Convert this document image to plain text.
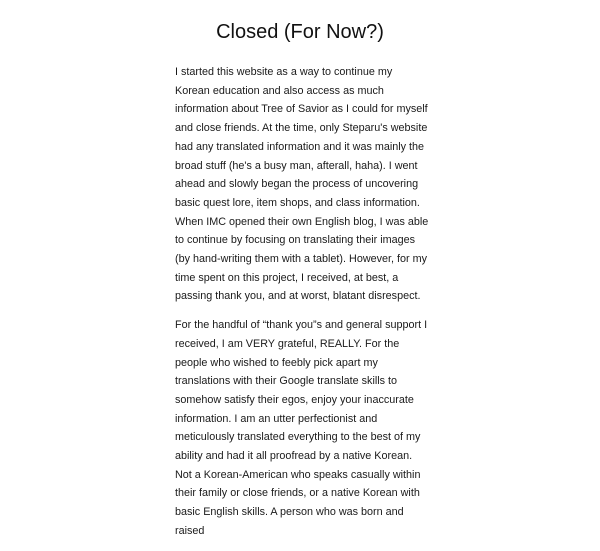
Closed (For Now?)

I started this website as a way to continue my Korean education and also access as much information about Tree of Savior as I could for myself and close friends. At the time, only Steparu's website had any translated information and it was mainly the broad stuff (he's a busy man, afterall, haha). I went ahead and slowly began the process of uncovering basic quest lore, item shops, and class information. When IMC opened their own English blog, I was able to continue by focusing on translating their images (by hand-writing them with a tablet). However, for my time spent on this project, I received, at best, a passing thank you, and at worst, blatant disrespect.

For the handful of “thank you”s and general support I received, I am VERY grateful, REALLY. For the people who wished to feebly pick apart my translations with their Google translate skills to somehow satisfy their egos, enjoy your inaccurate information. I am an utter perfectionist and meticulously translated everything to the best of my ability and had it all proofread by a native Korean. Not a Korean-American who speaks casually within their family or close friends, or a native Korean with basic English skills. A person who was born and raised
